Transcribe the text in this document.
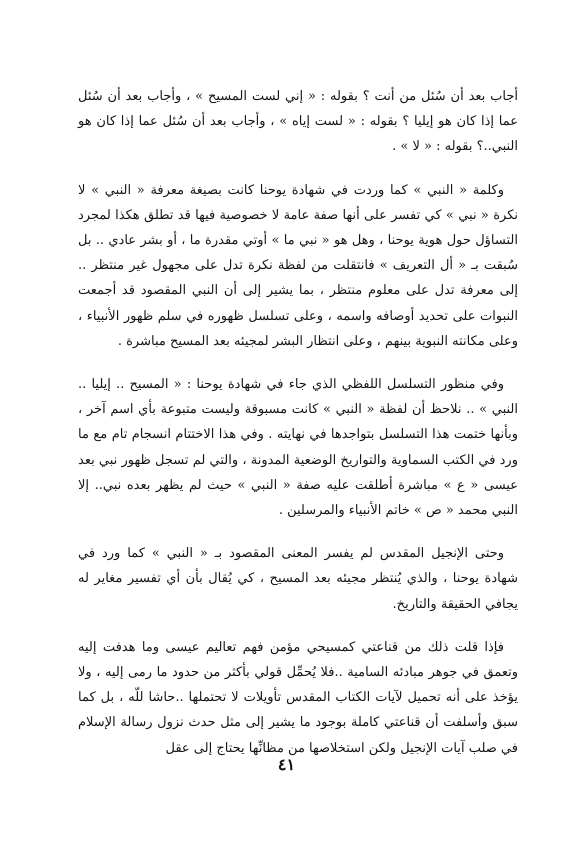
أجاب بعد أن سُئل من أنت ؟ بقوله : « إني لست المسيح » ، وأجاب بعد أن سُئل عما إذا كان هو إيليا ؟ بقوله : « لست إياه » ، وأجاب بعد أن سُئل عما إذا كان هو النبي..؟ بقوله : « لا » .

وكلمة « النبي » كما وردت في شهادة يوحنا كانت بصيغة معرفة « النبي » لا نكرة « نبي » كي تفسر على أنها صفة عامة لا خصوصية فيها قد تطلق هكذا لمجرد التساؤل حول هوية يوحنا ، وهل هو « نبي ما » أوتي مقدرة ما ، أو بشر عادي .. بل سُبقت بـ « أل التعريف » فانتقلت من لفظة نكرة تدل على مجهول غير منتظر .. إلى معرفة تدل على معلوم منتظر ، بما يشير إلى أن النبي المقصود قد أجمعت النبوات على تحديد أوصافه واسمه ، وعلى تسلسل ظهوره في سلم ظهور الأنبياء ، وعلى مكانته النبوية بينهم ، وعلى انتظار البشر لمجيئه بعد المسيح مباشرة .

وفي منظور التسلسل اللفظي الذي جاء في شهادة يوحنا : « المسيح .. إيليا .. النبي » .. نلاحظ أن لفظة « النبي » كانت مسبوقة وليست متبوعة بأي اسم آخر ، وبأنها ختمت هذا التسلسل بتواجدها في نهايته . وفي هذا الاختتام انسجام تام مع ما ورد في الكتب السماوية والتواريخ الوضعية المدونة ، والتي لم تسجل ظهور نبي بعد عيسى « ع » مباشرة أطلقت عليه صفة « النبي » حيث لم يظهر بعده نبي.. إلا النبي محمد « ص » خاتم الأنبياء والمرسلين .

وحتى الإنجيل المقدس لم يفسر المعنى المقصود بـ « النبي » كما ورد في شهادة يوحنا ، والذي يُنتظر مجيئه بعد المسيح ، كي يُقال بأن أي تفسير مغاير له يجافي الحقيقة والتاريخ.

فإذا قلت ذلك من قناعتي كمسيحي مؤمن فهم تعاليم عيسى وما هدفت إليه وتعمق في جوهر مبادئه السامية ..فلا يُحمِّل قولي بأكثر من حدود ما رمى إليه ، ولا يؤخذ على أنه تحميل لآيات الكتاب المقدس تأويلات لا تحتملها ..حاشا للّه ، بل كما سبق وأسلفت أن قناعتي كاملة بوجود ما يشير إلى مثل حدث نزول رسالة الإسلام في صلب آيات الإنجيل ولكن استخلاصها من مظانِّها يحتاج إلى عقل

٤١
